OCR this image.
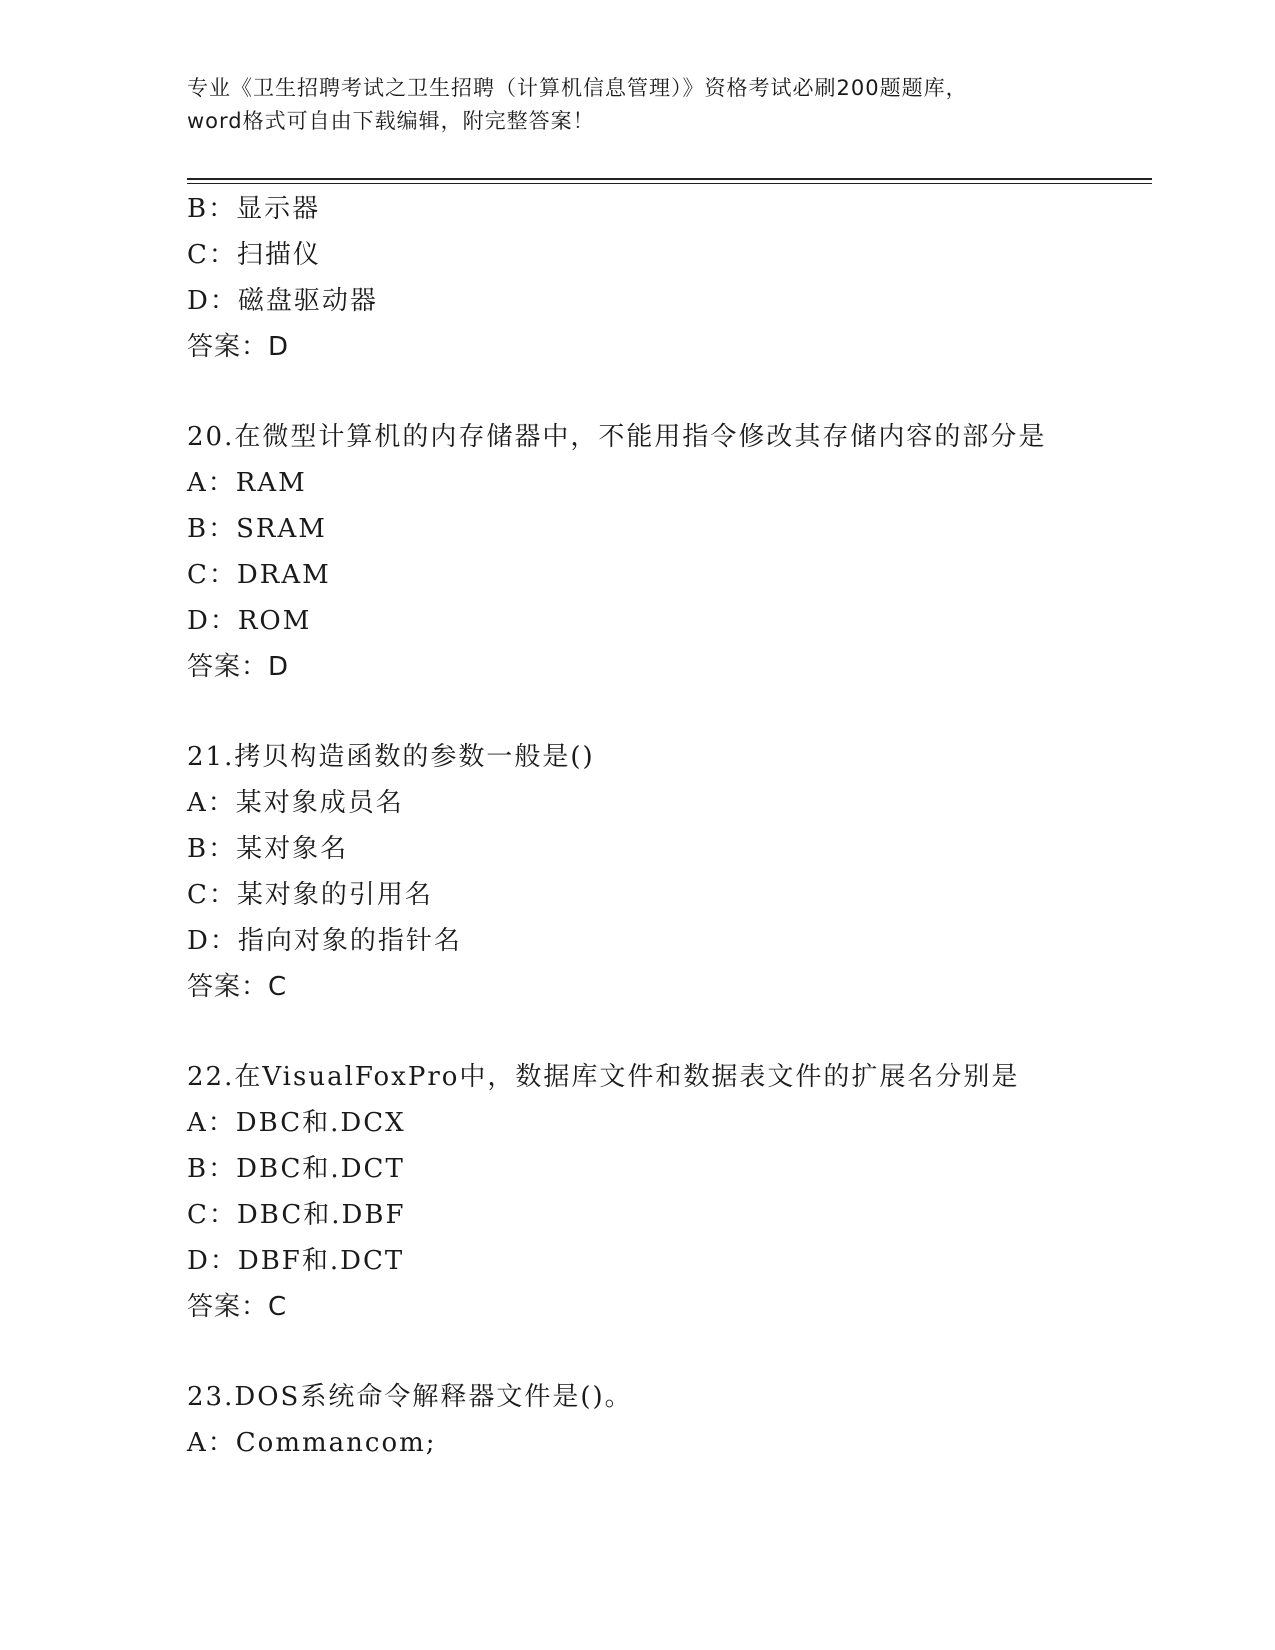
专业《卫生招聘考试之卫生招聘（计算机信息管理）》资格考试必刷200题题库，
word格式可自由下载编辑，附完整答案！
B：显示器
C：扫描仪
D：磁盘驱动器
答案：D
20.在微型计算机的内存储器中，不能用指令修改其存储内容的部分是
A：RAM
B：SRAM
C：DRAM
D：ROM
答案：D
21.拷贝构造函数的参数一般是()
A：某对象成员名
B：某对象名
C：某对象的引用名
D：指向对象的指针名
答案：C
22.在VisualFoxPro中，数据库文件和数据表文件的扩展名分别是
A：DBC和.DCX
B：DBC和.DCT
C：DBC和.DBF
D：DBF和.DCT
答案：C
23.DOS系统命令解释器文件是()。
A：Commancom;
